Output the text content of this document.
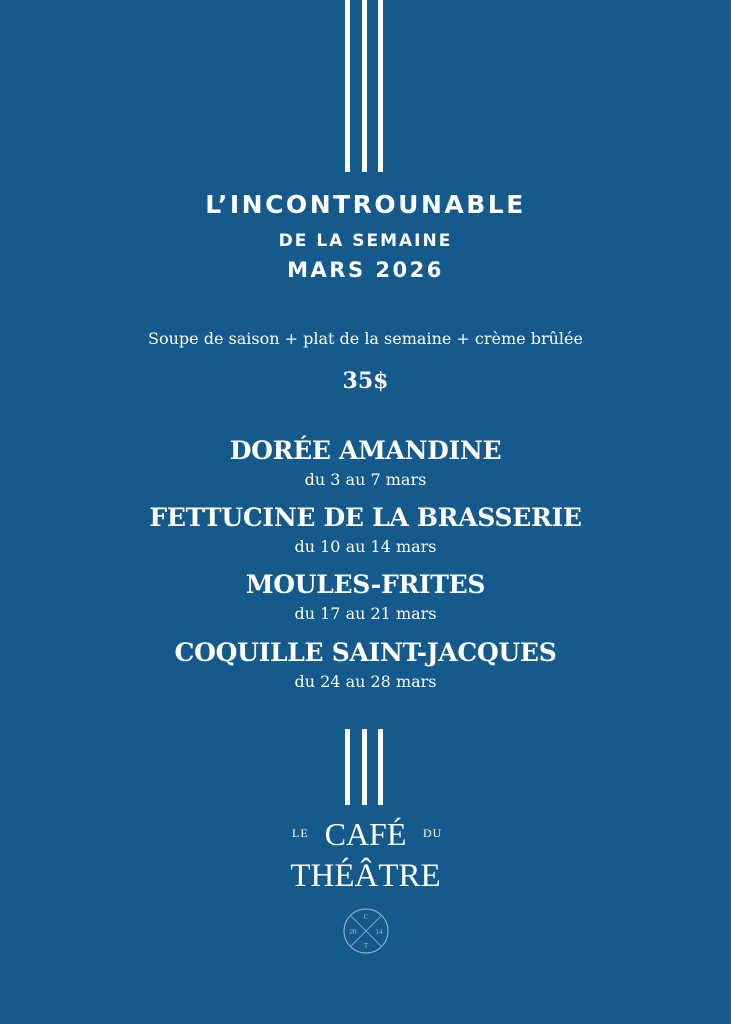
L’INCONTROUNABLE
DE LA SEMAINE
MARS 2026
Soupe de saison + plat de la semaine + crème brûlée
35$
DORÉE AMANDINE
du 3 au 7 mars
FETTUCINE DE LA BRASSERIE
du 10 au 14 mars
MOULES-FRITES
du 17 au 21 mars
COQUILLE SAINT-JACQUES
du 24 au 28 mars
LE CAFÉ	DU
THÉÂTRE
C
20	14
T
